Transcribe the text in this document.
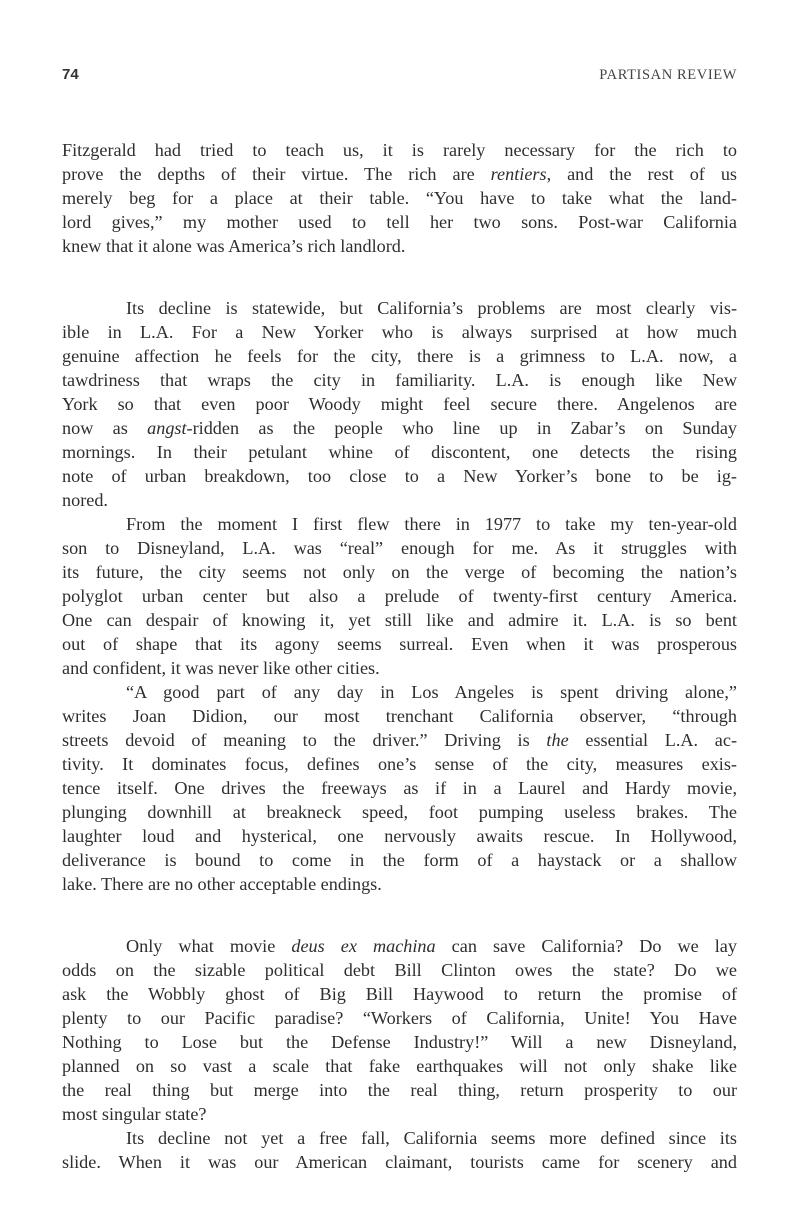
74	PARTISAN REVIEW
Fitzgerald had tried to teach us, it is rarely necessary for the rich to
prove the depths of their virtue. The rich are rentiers, and the rest of us
merely beg for a place at their table. “You have to take what the land-
lord gives,” my mother used to tell her two sons. Post-war California
knew that it alone was America’s rich landlord.
Its decline is statewide, but California’s problems are most clearly vis-
ible in L.A. For a New Yorker who is always surprised at how much
genuine affection he feels for the city, there is a grimness to L.A. now, a
tawdriness that wraps the city in familiarity. L.A. is enough like New
York so that even poor Woody might feel secure there. Angelenos are
now as angst-ridden as the people who line up in Zabar’s on Sunday
mornings. In their petulant whine of discontent, one detects the rising
note of urban breakdown, too close to a New Yorker’s bone to be ig-
nored.
From the moment I first flew there in 1977 to take my ten-year-old
son to Disneyland, L.A. was “real” enough for me. As it struggles with
its future, the city seems not only on the verge of becoming the nation’s
polyglot urban center but also a prelude of twenty-first century America.
One can despair of knowing it, yet still like and admire it. L.A. is so bent
out of shape that its agony seems surreal. Even when it was prosperous
and confident, it was never like other cities.
“A good part of any day in Los Angeles is spent driving alone,”
writes Joan Didion, our most trenchant California observer, “through
streets devoid of meaning to the driver.” Driving is the essential L.A. ac-
tivity. It dominates focus, defines one’s sense of the city, measures exis-
tence itself. One drives the freeways as if in a Laurel and Hardy movie,
plunging downhill at breakneck speed, foot pumping useless brakes. The
laughter loud and hysterical, one nervously awaits rescue. In Hollywood,
deliverance is bound to come in the form of a haystack or a shallow
lake. There are no other acceptable endings.
Only what movie deus ex machina can save California? Do we lay
odds on the sizable political debt Bill Clinton owes the state? Do we
ask the Wobbly ghost of Big Bill Haywood to return the promise of
plenty to our Pacific paradise? “Workers of California, Unite! You Have
Nothing to Lose but the Defense Industry!” Will a new Disneyland,
planned on so vast a scale that fake earthquakes will not only shake like
the real thing but merge into the real thing, return prosperity to our
most singular state?
Its decline not yet a free fall, California seems more defined since its
slide. When it was our American claimant, tourists came for scenery and
